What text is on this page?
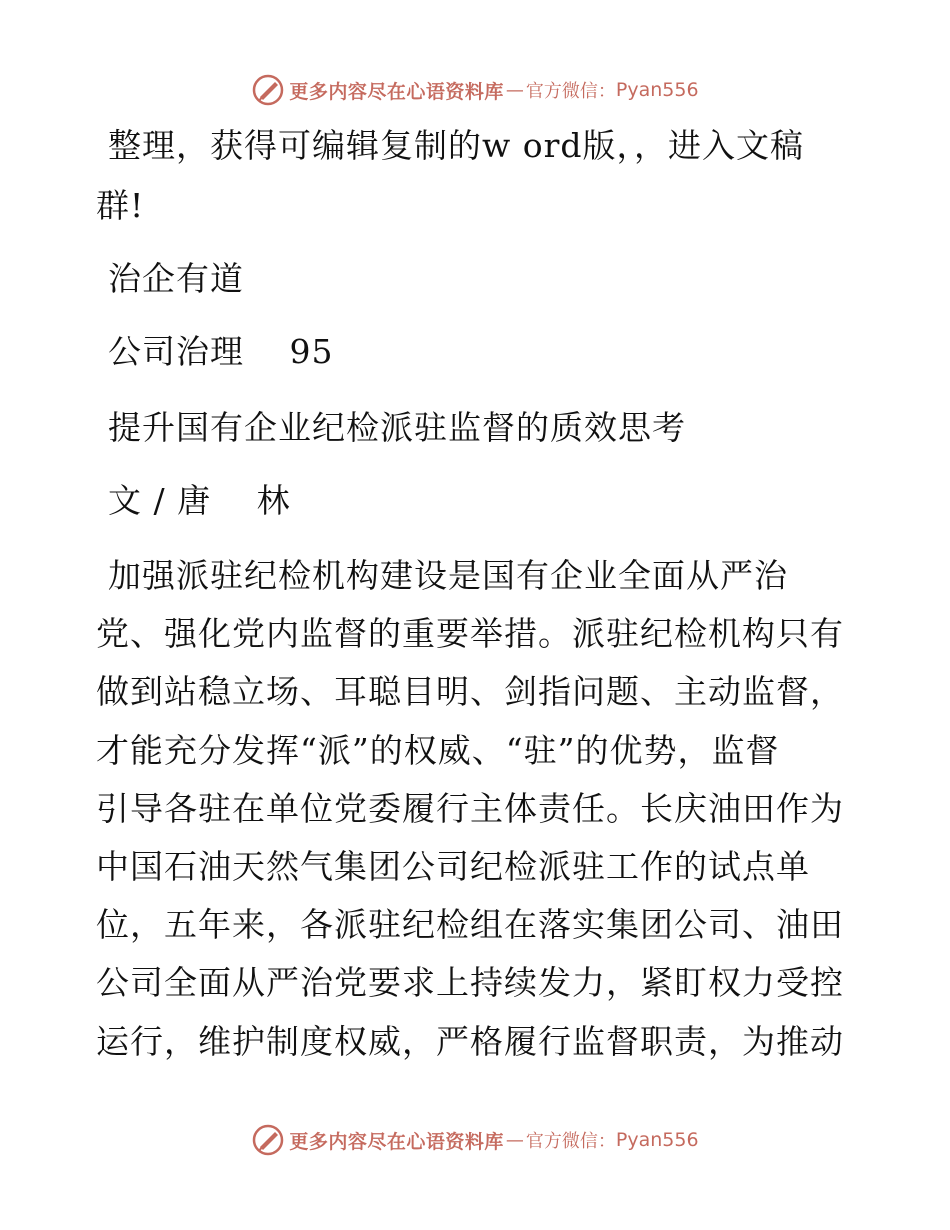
更多内容尽在心语资料库 — 官方微信： Pyan556
整理，获得可编辑复制的w ord版，，进入文稿
群!
治企有道
公司治理　 95
提升国有企业纪检派驻监督的质效思考
文 / 唐　 林
加强派驻纪检机构建设是国有企业全面从严治
党、强化党内监督的重要举措。派驻纪检机构只有
做到站稳立场、耳聪目明、剑指问题、主动监督，
才能充分发挥“派”的权威、“驻”的优势，监督
引导各驻在单位党委履行主体责任。长庆油田作为
中国石油天然气集团公司纪检派驻工作的试点单
位，五年来，各派驻纪检组在落实集团公司、油田
公司全面从严治党要求上持续发力，紧盯权力受控
运行，维护制度权威，严格履行监督职责，为推动
更多内容尽在心语资料库 — 官方微信： Pyan556
